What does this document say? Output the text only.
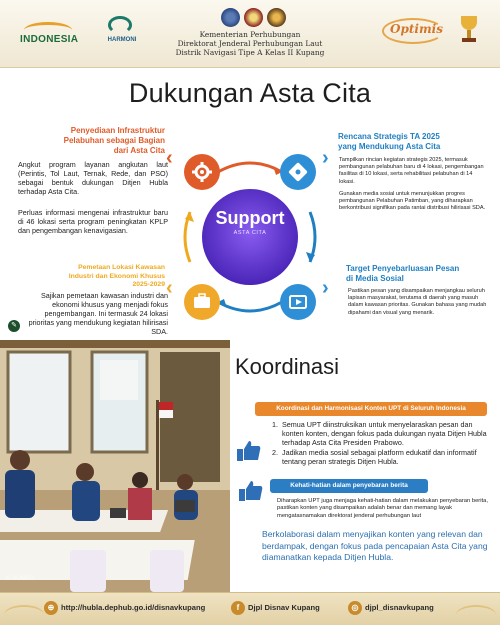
INDONESIA	HARMONI
Kementerian Perhubungan
Direktorat Jenderal Perhubungan Laut
Distrik Navigasi Tipe A Kelas II Kupang
Optimis
Dukungan Asta Cita
Penyediaan Infrastruktur
Pelabuhan sebagai Bagian
dari Asta Cita
Angkut program layanan angkutan laut (Perintis, Tol Laut, Ternak, Rede, dan PSO) sebagai bentuk dukungan Ditjen Hubla terhadap Asta Cita.
Perluas informasi mengenai infrastruktur baru di 46 lokasi serta program peningkatan KPLP dan pengembangan kenavigasian.
Rencana Strategis TA 2025
yang Mendukung Asta Cita
Tampilkan rincian kegiatan strategis 2025, termasuk pembangunan pelabuhan baru di 4 lokasi, pengembangan fasilitas di 10 lokasi, serta rehabilitasi pelabuhan di 14 lokasi.
Gunakan media sosial untuk menunjukkan progres pembangunan Pelabuhan Patimban, yang diharapkan berkontribusi signifikan pada rantai distribusi hilirisasi SDA.
Pemetaan Lokasi Kawasan
Industri dan Ekonomi Khusus
2025-2029
Sajikan pemetaan kawasan industri dan ekonomi khusus yang menjadi fokus pengembangan. Ini termasuk 24 lokasi prioritas yang mendukung kegiatan hilirisasi SDA.
Target Penyebarluasan Pesan
di Media Sosial
Pastikan pesan yang disampaikan menjangkau seluruh lapisan masyarakat, terutama di daerah yang masuh dalam kawasan prioritas. Gunakan bahasa yang mudah dipahami dan visual yang menarik.
Support
ASTA CITA
‹	›
‹	›
✎
© HUMAS
Koordinasi
Koordinasi dan Harmonisasi Konten UPT di Seluruh Indonesia
1. Semua UPT diinstruksikan untuk menyelaraskan pesan dan konten konten, dengan fokus pada dukungan nyata Ditjen Hubla terhadap Asta Cita Presiden Prabowo.
2. Jadikan media sosial sebagai platform edukatif dan informatif tentang peran strategis Ditjen Hubla.
Kehati-hatian dalam penyebaran berita
Diharapkan UPT juga menjaga kehati-hatian dalam melakukan penyebaran berita, pastikan konten yang disampaikan adalah benar dan memang layak mengatasnamakan direktorat jenderal perhubungan laut
Berkolaborasi dalam menyajikan konten yang relevan dan berdampak, dengan fokus pada pencapaian Asta Cita yang diamanatkan kepada Ditjen Hubla.
⊕ http://hubla.dephub.go.id/disnavkupang	f	Djpl Disnav Kupang	◎ djpl_disnavkupang
